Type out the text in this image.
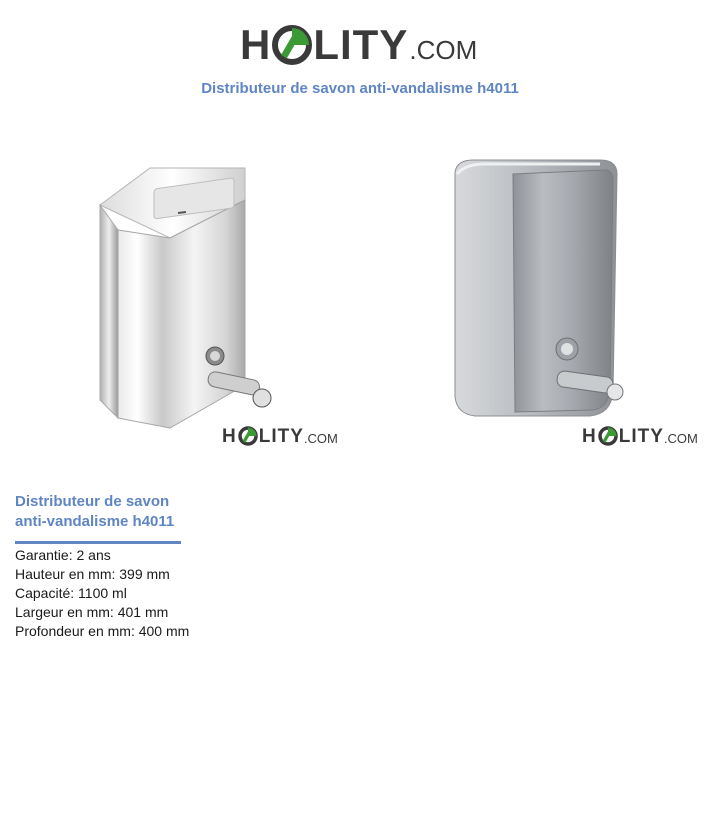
H LITY .COM
Distributeur de savon anti-vandalisme h4011
H LITY .COM	H LITY .COM
Distributeur de savon
anti-vandalisme h4011
Garantie: 2 ans
Hauteur en mm: 399 mm
Capacité: 1100 ml
Largeur en mm: 401 mm
Profondeur en mm: 400 mm
